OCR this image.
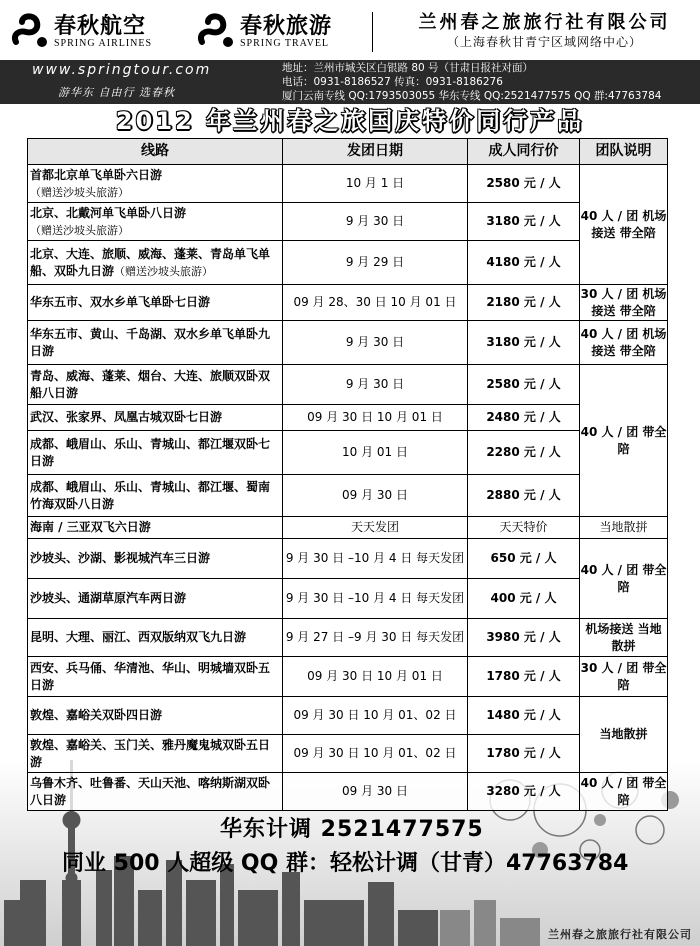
春秋航空
SPRING AIRLINES
春秋旅游
SPRING TRAVEL
兰州春之旅旅行社有限公司
（上海春秋甘青宁区域网络中心）
www.springtour.com
游华东 自由行 选春秋
地址：兰州市城关区白银路 80 号（甘肃日报社对面）
电话：0931-8186527 传真：0931-8186276
厦门云南专线 QQ:1793503055 华东专线 QQ:2521477575 QQ 群:47763784
2012 年兰州春之旅国庆特价同行产品
线路	发团日期	成人同行价	团队说明
首都北京单飞单卧六日游
（赠送沙坡头旅游）	10 月 1 日	2580 元 / 人	40 人 / 团 机场接送 带全陪
北京、北戴河单飞单卧八日游
（赠送沙坡头旅游）	9 月 30 日	3180 元 / 人	
北京、大连、旅顺、威海、蓬莱、青岛单飞单船、双卧九日游（赠送沙坡头旅游）	9 月 29 日	4180 元 / 人	
华东五市、双水乡单飞单卧七日游	09 月 28、30 日 10 月 01 日	2180 元 / 人	30 人 / 团 机场接送 带全陪
华东五市、黄山、千岛湖、双水乡单飞单卧九日游	9 月 30 日	3180 元 / 人	40 人 / 团 机场接送 带全陪
青岛、威海、蓬莱、烟台、大连、旅顺双卧双船八日游	9 月 30 日	2580 元 / 人	40 人 / 团 带全陪
武汉、张家界、凤凰古城双卧七日游	09 月 30 日 10 月 01 日	2480 元 / 人	
成都、峨眉山、乐山、青城山、都江堰双卧七日游	10 月 01 日	2280 元 / 人	
成都、峨眉山、乐山、青城山、都江堰、蜀南竹海双卧八日游	09 月 30 日	2880 元 / 人	
海南 / 三亚双飞六日游	天天发团	天天特价	当地散拼
沙坡头、沙湖、影视城汽车三日游	9 月 30 日 –10 月 4 日 每天发团	650 元 / 人	40 人 / 团 带全陪
沙坡头、通湖草原汽车两日游	9 月 30 日 –10 月 4 日 每天发团	400 元 / 人	
昆明、大理、丽江、西双版纳双飞九日游	9 月 27 日 –9 月 30 日 每天发团	3980 元 / 人	机场接送 当地散拼
西安、兵马俑、华清池、华山、明城墙双卧五日游	09 月 30 日 10 月 01 日	1780 元 / 人	30 人 / 团 带全陪
敦煌、嘉峪关双卧四日游	09 月 30 日 10 月 01、02 日	1480 元 / 人	当地散拼
敦煌、嘉峪关、玉门关、雅丹魔鬼城双卧五日游	09 月 30 日 10 月 01、02 日	1780 元 / 人	
乌鲁木齐、吐鲁番、天山天池、喀纳斯湖双卧八日游	09 月 30 日	3280 元 / 人	40 人 / 团 带全陪
华东计调 2521477575
同业 500 人超级 QQ 群：轻松计调（甘青）47763784
兰州春之旅旅行社有限公司
